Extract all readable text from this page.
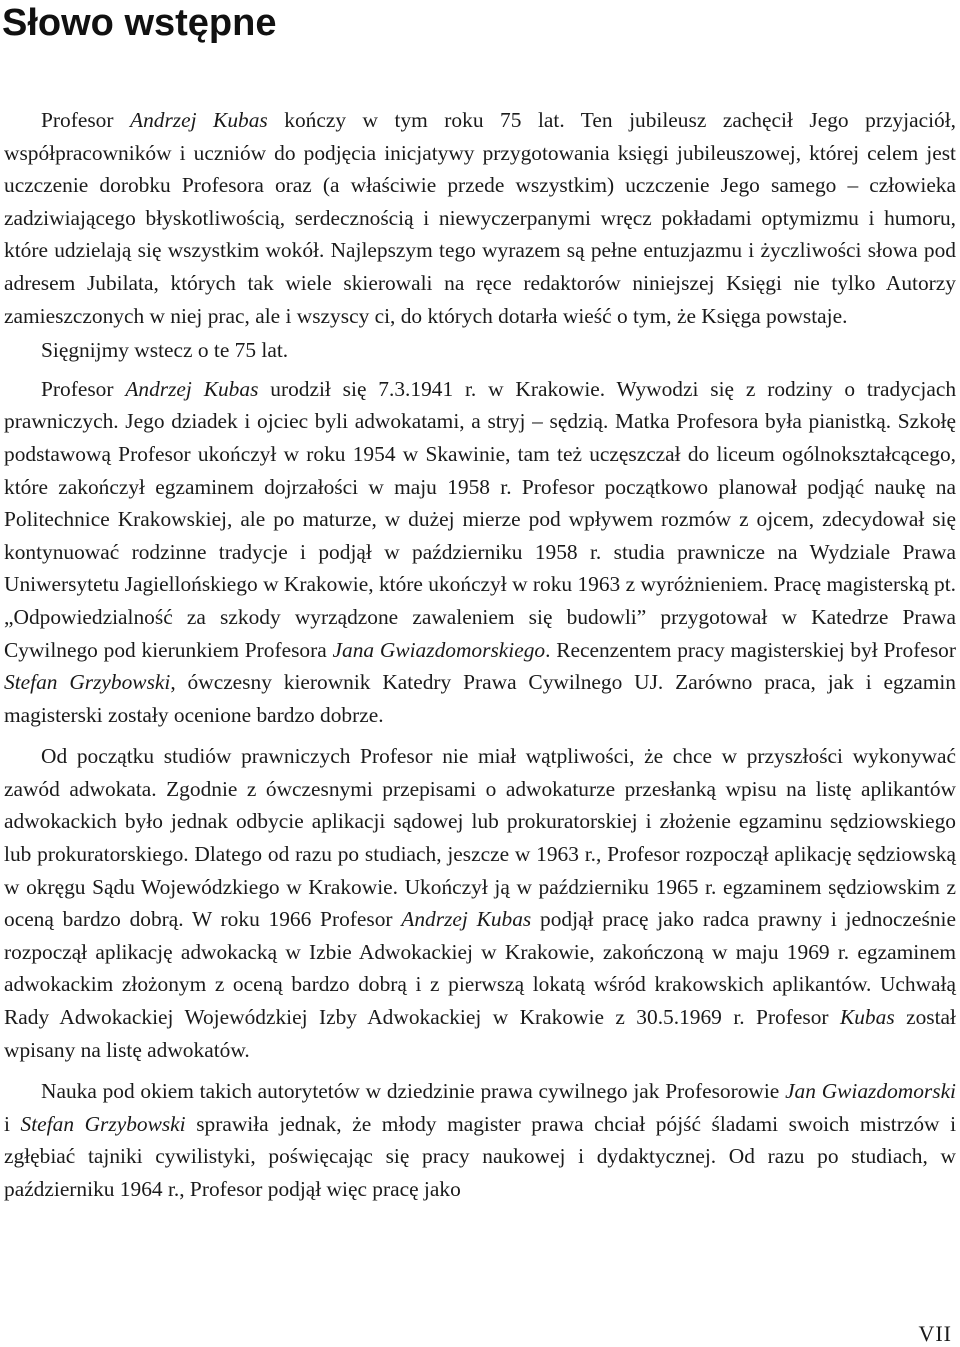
Słowo wstępne

Profesor Andrzej Kubas kończy w tym roku 75 lat. Ten jubileusz zachęcił Jego przyjaciół, współpracowników i uczniów do podjęcia inicjatywy przygotowania księgi jubileuszowej, której celem jest uczczenie dorobku Profesora oraz (a właściwie przede wszystkim) uczczenie Jego samego – człowieka zadziwiającego błyskotliwością, serdecznością i niewyczerpanymi wręcz pokładami optymizmu i humoru, które udzielają się wszystkim wokół. Najlepszym tego wyrazem są pełne entuzjazmu i życzliwości słowa pod adresem Jubilata, których tak wiele skierowali na ręce redaktorów niniejszej Księgi nie tylko Autorzy zamieszczonych w niej prac, ale i wszyscy ci, do których dotarła wieść o tym, że Księga powstaje.

Sięgnijmy wstecz o te 75 lat.

Profesor Andrzej Kubas urodził się 7.3.1941 r. w Krakowie. Wywodzi się z rodziny o tradycjach prawniczych. Jego dziadek i ojciec byli adwokatami, a stryj – sędzią. Matka Profesora była pianistką. Szkołę podstawową Profesor ukończył w roku 1954 w Skawinie, tam też uczęszczał do liceum ogólnokształcącego, które zakończył egzaminem dojrzałości w maju 1958 r. Profesor początkowo planował podjąć naukę na Politechnice Krakowskiej, ale po maturze, w dużej mierze pod wpływem rozmów z ojcem, zdecydował się kontynuować rodzinne tradycje i podjął w październiku 1958 r. studia prawnicze na Wydziale Prawa Uniwersytetu Jagiellońskiego w Krakowie, które ukończył w roku 1963 z wyróżnieniem. Pracę magisterską pt. „Odpowiedzialność za szkody wyrządzone zawaleniem się budowli” przygotował w Katedrze Prawa Cywilnego pod kierunkiem Profesora Jana Gwiazdomorskiego. Recenzentem pracy magisterskiej był Profesor Stefan Grzybowski, ówczesny kierownik Katedry Prawa Cywilnego UJ. Zarówno praca, jak i egzamin magisterski zostały ocenione bardzo dobrze.

Od początku studiów prawniczych Profesor nie miał wątpliwości, że chce w przyszłości wykonywać zawód adwokata. Zgodnie z ówczesnymi przepisami o adwokaturze przesłanką wpisu na listę aplikantów adwokackich było jednak odbycie aplikacji sądowej lub prokuratorskiej i złożenie egzaminu sędziowskiego lub prokuratorskiego. Dlatego od razu po studiach, jeszcze w 1963 r., Profesor rozpoczął aplikację sędziowską w okręgu Sądu Wojewódzkiego w Krakowie. Ukończył ją w październiku 1965 r. egzaminem sędziowskim z oceną bardzo dobrą. W roku 1966 Profesor Andrzej Kubas podjął pracę jako radca prawny i jednocześnie rozpoczął aplikację adwokacką w Izbie Adwokackiej w Krakowie, zakończoną w maju 1969 r. egzaminem adwokackim złożonym z oceną bardzo dobrą i z pierwszą lokatą wśród krakowskich aplikantów. Uchwałą Rady Adwokackiej Wojewódzkiej Izby Adwokackiej w Krakowie z 30.5.1969 r. Profesor Kubas został wpisany na listę adwokatów.

Nauka pod okiem takich autorytetów w dziedzinie prawa cywilnego jak Profesorowie Jan Gwiazdomorski i Stefan Grzybowski sprawiła jednak, że młody magister prawa chciał pójść śladami swoich mistrzów i zgłębiać tajniki cywilistyki, poświęcając się pracy naukowej i dydaktycznej. Od razu po studiach, w październiku 1964 r., Profesor podjął więc pracę jako

VII
